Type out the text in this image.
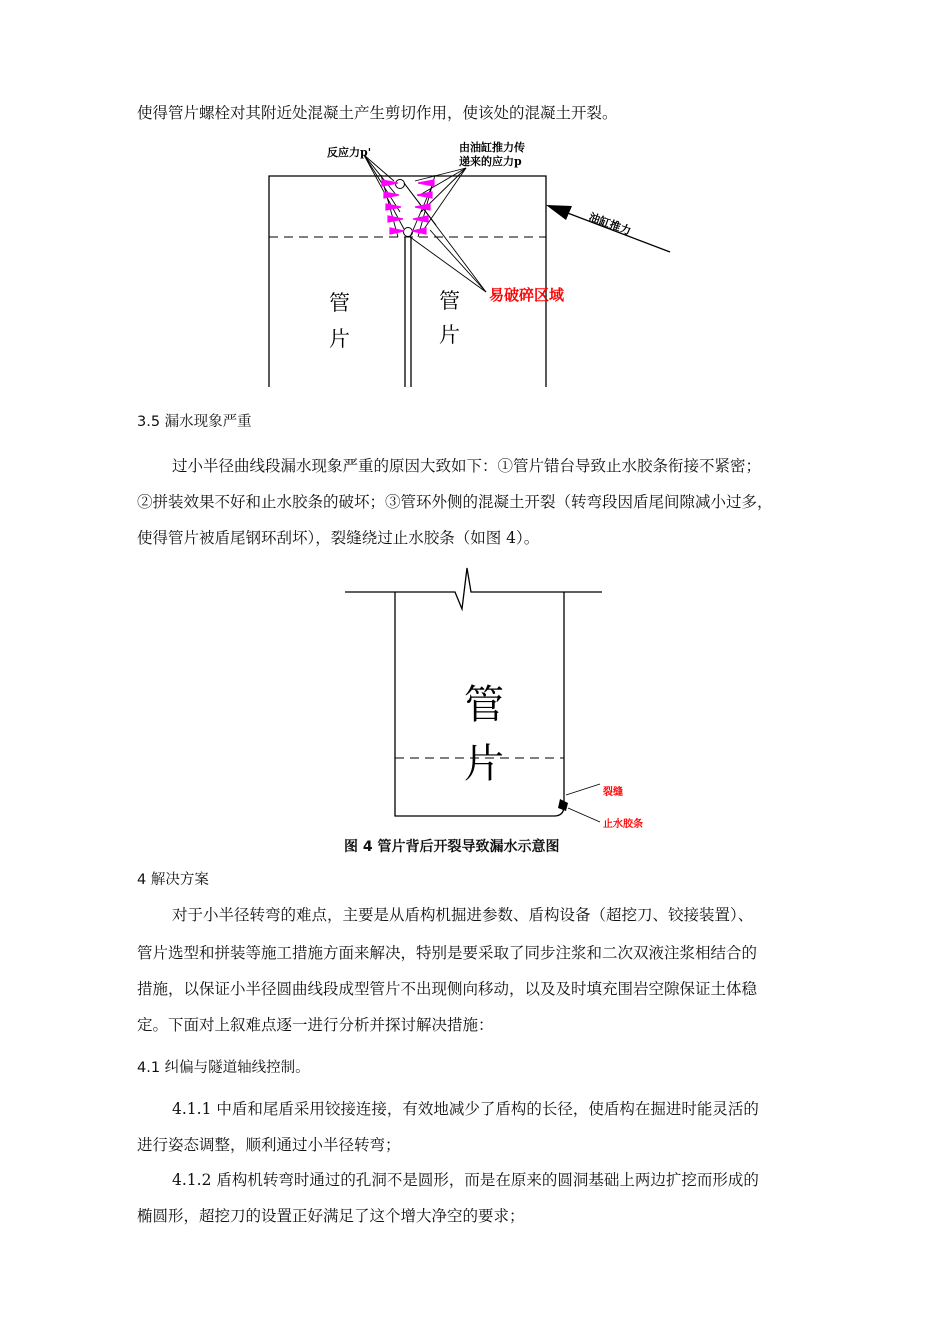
使得管片螺栓对其附近处混凝土产生剪切作用，使该处的混凝土开裂。
反应力p'	由油缸推力传
递来的应力p
油缸推力
易破碎区域
管
片
管
片
3.5 漏水现象严重
过小半径曲线段漏水现象严重的原因大致如下：①管片错台导致止水胶条衔接不紧密；
②拼装效果不好和止水胶条的破坏；③管环外侧的混凝土开裂（转弯段因盾尾间隙减小过多，
使得管片被盾尾钢环刮坏），裂缝绕过止水胶条（如图 4）。
管
片
裂缝
止水胶条
图 4 管片背后开裂导致漏水示意图
4 解决方案
对于小半径转弯的难点，主要是从盾构机掘进参数、盾构设备（超挖刀、铰接装置）、
管片选型和拼装等施工措施方面来解决，特别是要采取了同步注浆和二次双液注浆相结合的
措施，以保证小半径圆曲线段成型管片不出现侧向移动，以及及时填充围岩空隙保证土体稳
定。下面对上叙难点逐一进行分析并探讨解决措施：
4.1 纠偏与隧道轴线控制。
4.1.1 中盾和尾盾采用铰接连接，有效地减少了盾构的长径，使盾构在掘进时能灵活的
进行姿态调整，顺利通过小半径转弯；
4.1.2 盾构机转弯时通过的孔洞不是圆形，而是在原来的圆洞基础上两边扩挖而形成的
椭圆形，超挖刀的设置正好满足了这个增大净空的要求；
